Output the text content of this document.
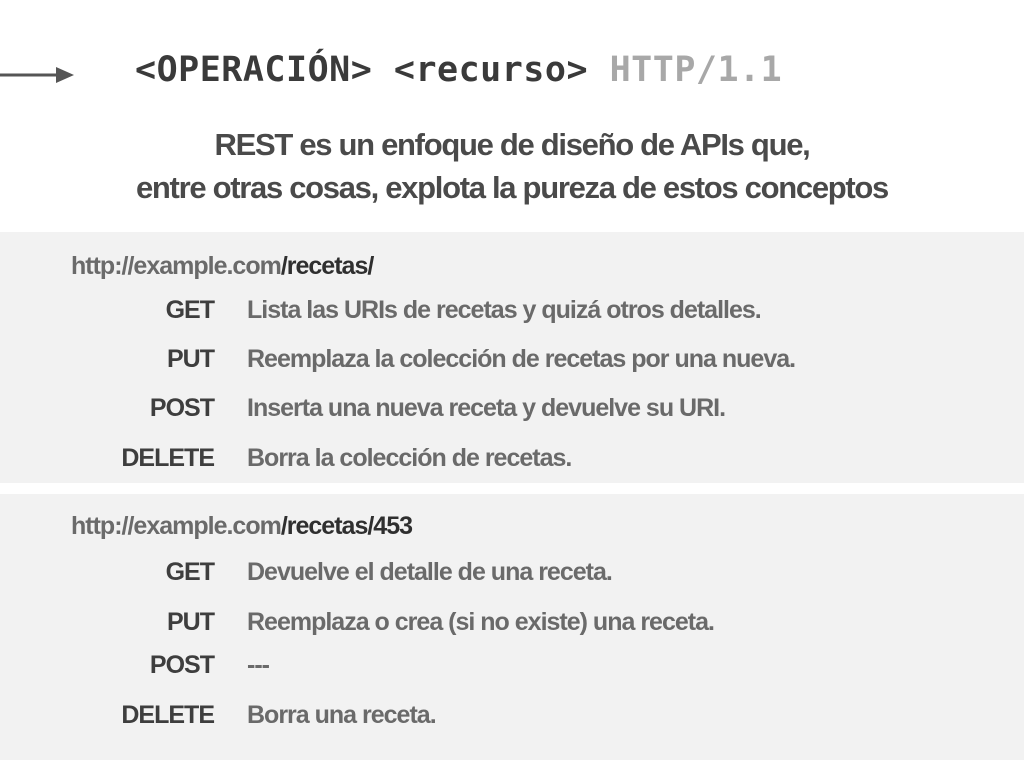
<OPERACIÓN> <recurso> HTTP/1.1
REST es un enfoque de diseño de APIs que,
entre otras cosas, explota la pureza de estos conceptos
http://example.com/recetas/
GET Lista las URIs de recetas y quizá otros detalles.
PUT Reemplaza la colección de recetas por una nueva.
POST Inserta una nueva receta y devuelve su URI.
DELETE Borra la colección de recetas.
http://example.com/recetas/453
GET Devuelve el detalle de una receta.
PUT Reemplaza o crea (si no existe) una receta.
POST ---
DELETE Borra una receta.
